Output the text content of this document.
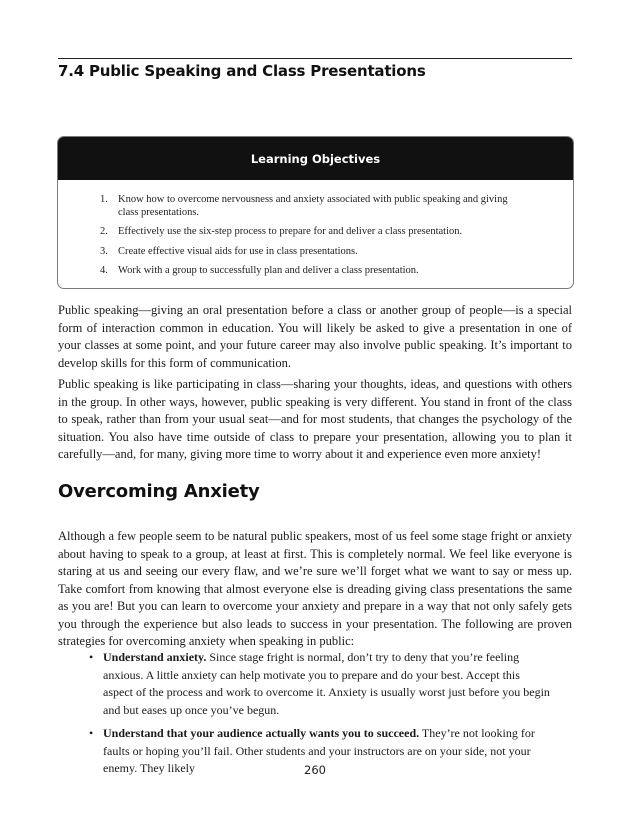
7.4 Public Speaking and Class Presentations
Learning Objectives
1. Know how to overcome nervousness and anxiety associated with public speaking and giving class presentations.
2. Effectively use the six-step process to prepare for and deliver a class presentation.
3. Create effective visual aids for use in class presentations.
4. Work with a group to successfully plan and deliver a class presentation.

Public speaking—giving an oral presentation before a class or another group of people—is a special form of interaction common in education. You will likely be asked to give a presentation in one of your classes at some point, and your future career may also involve public speaking. It’s important to develop skills for this form of communication.

Public speaking is like participating in class—sharing your thoughts, ideas, and questions with others in the group. In other ways, however, public speaking is very different. You stand in front of the class to speak, rather than from your usual seat—and for most students, that changes the psychology of the situation. You also have time outside of class to prepare your presentation, allowing you to plan it carefully—and, for many, giving more time to worry about it and experience even more anxiety!

Overcoming Anxiety

Although a few people seem to be natural public speakers, most of us feel some stage fright or anxiety about having to speak to a group, at least at first. This is completely normal. We feel like everyone is staring at us and seeing our every flaw, and we’re sure we’ll forget what we want to say or mess up. Take comfort from knowing that almost everyone else is dreading giving class presentations the same as you are! But you can learn to overcome your anxiety and prepare in a way that not only safely gets you through the experience but also leads to success in your presentation. The following are proven strategies for overcoming anxiety when speaking in public:

• Understand anxiety. Since stage fright is normal, don’t try to deny that you’re feeling anxious. A little anxiety can help motivate you to prepare and do your best. Accept this aspect of the process and work to overcome it. Anxiety is usually worst just before you begin and but eases up once you’ve begun.
• Understand that your audience actually wants you to succeed. They’re not looking for faults or hoping you’ll fail. Other students and your instructors are on your side, not your enemy. They likely	260
